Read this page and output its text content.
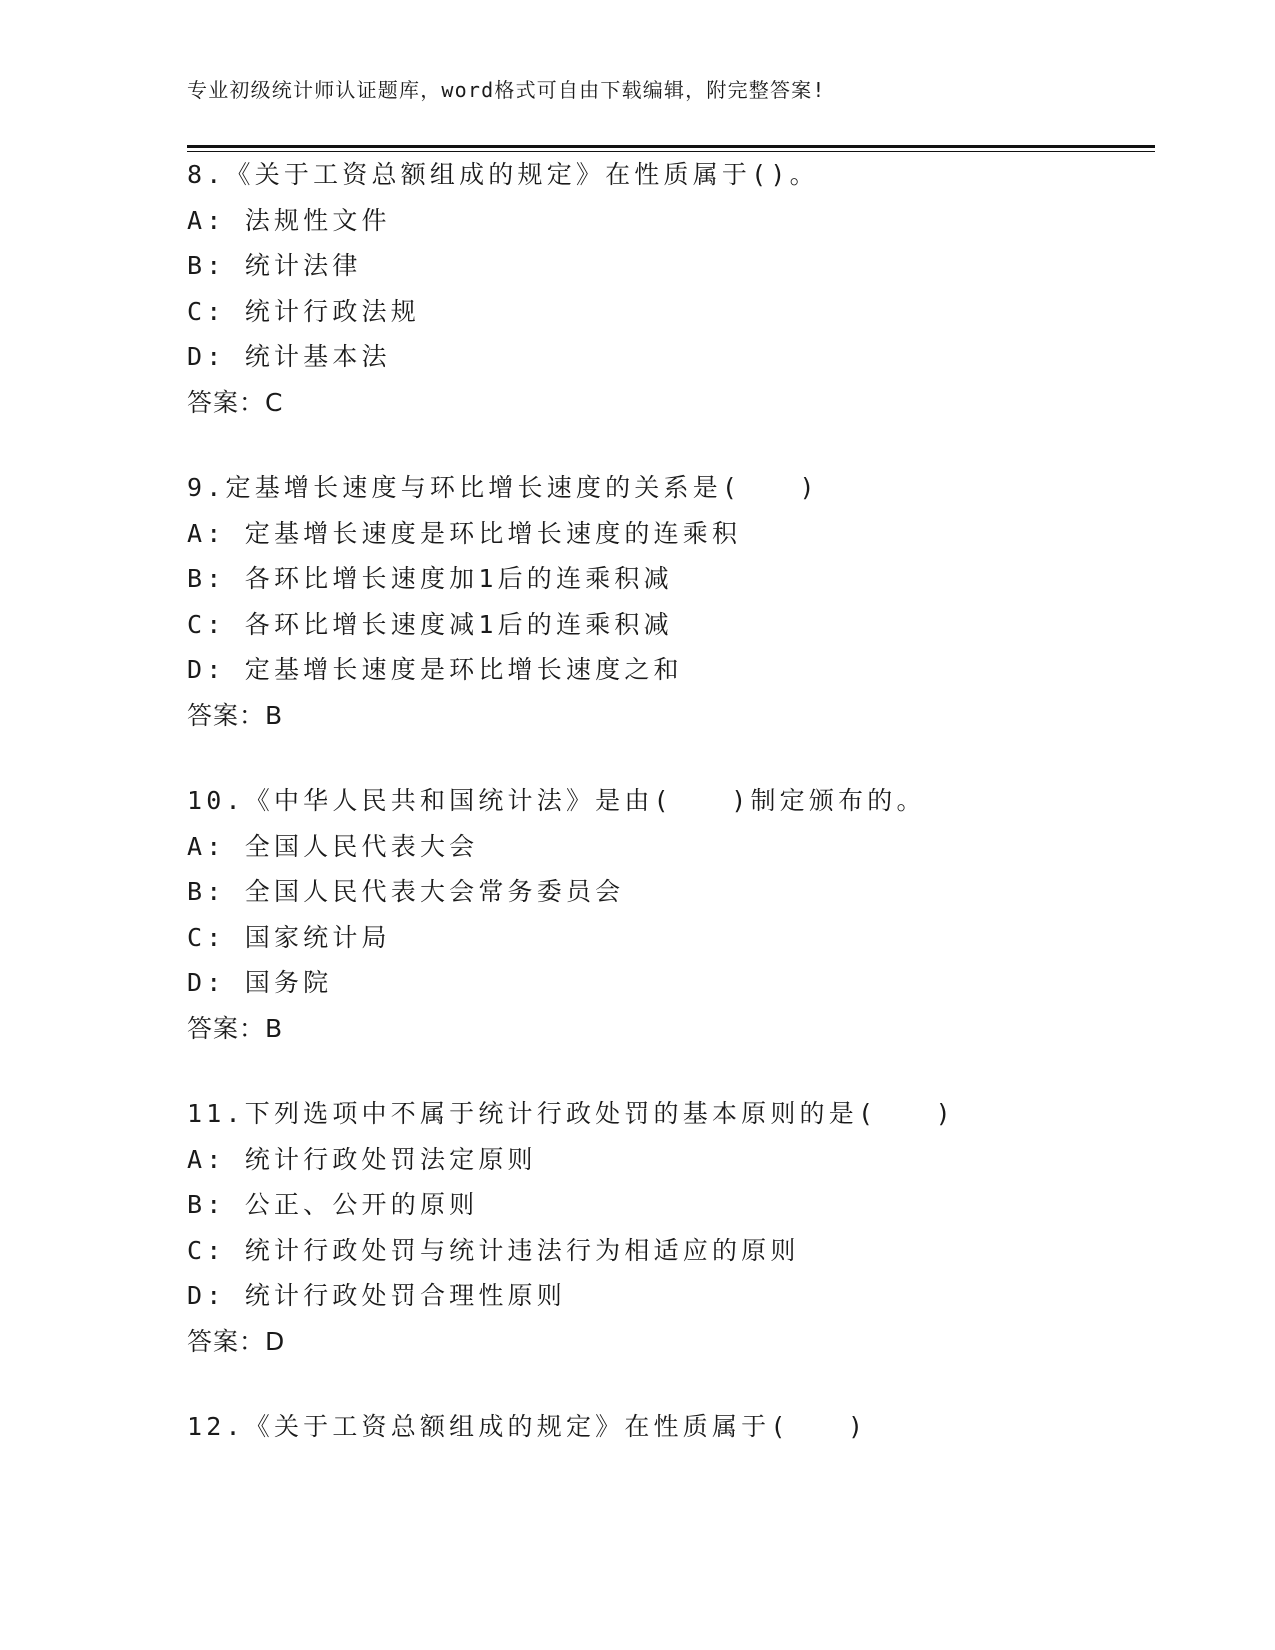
专业初级统计师认证题库，word格式可自由下载编辑，附完整答案!
8.《关于工资总额组成的规定》在性质属于()。
A: 法规性文件
B: 统计法律
C: 统计行政法规
D: 统计基本法
答案：C
9.定基增长速度与环比增长速度的关系是(　　)
A: 定基增长速度是环比增长速度的连乘积
B: 各环比增长速度加1后的连乘积减
C: 各环比增长速度减1后的连乘积减
D: 定基增长速度是环比增长速度之和
答案：B
10.《中华人民共和国统计法》是由(　　)制定颁布的。
A: 全国人民代表大会
B: 全国人民代表大会常务委员会
C: 国家统计局
D: 国务院
答案：B
11.下列选项中不属于统计行政处罚的基本原则的是(　　)
A: 统计行政处罚法定原则
B: 公正、公开的原则
C: 统计行政处罚与统计违法行为相适应的原则
D: 统计行政处罚合理性原则
答案：D
12.《关于工资总额组成的规定》在性质属于(　　)
